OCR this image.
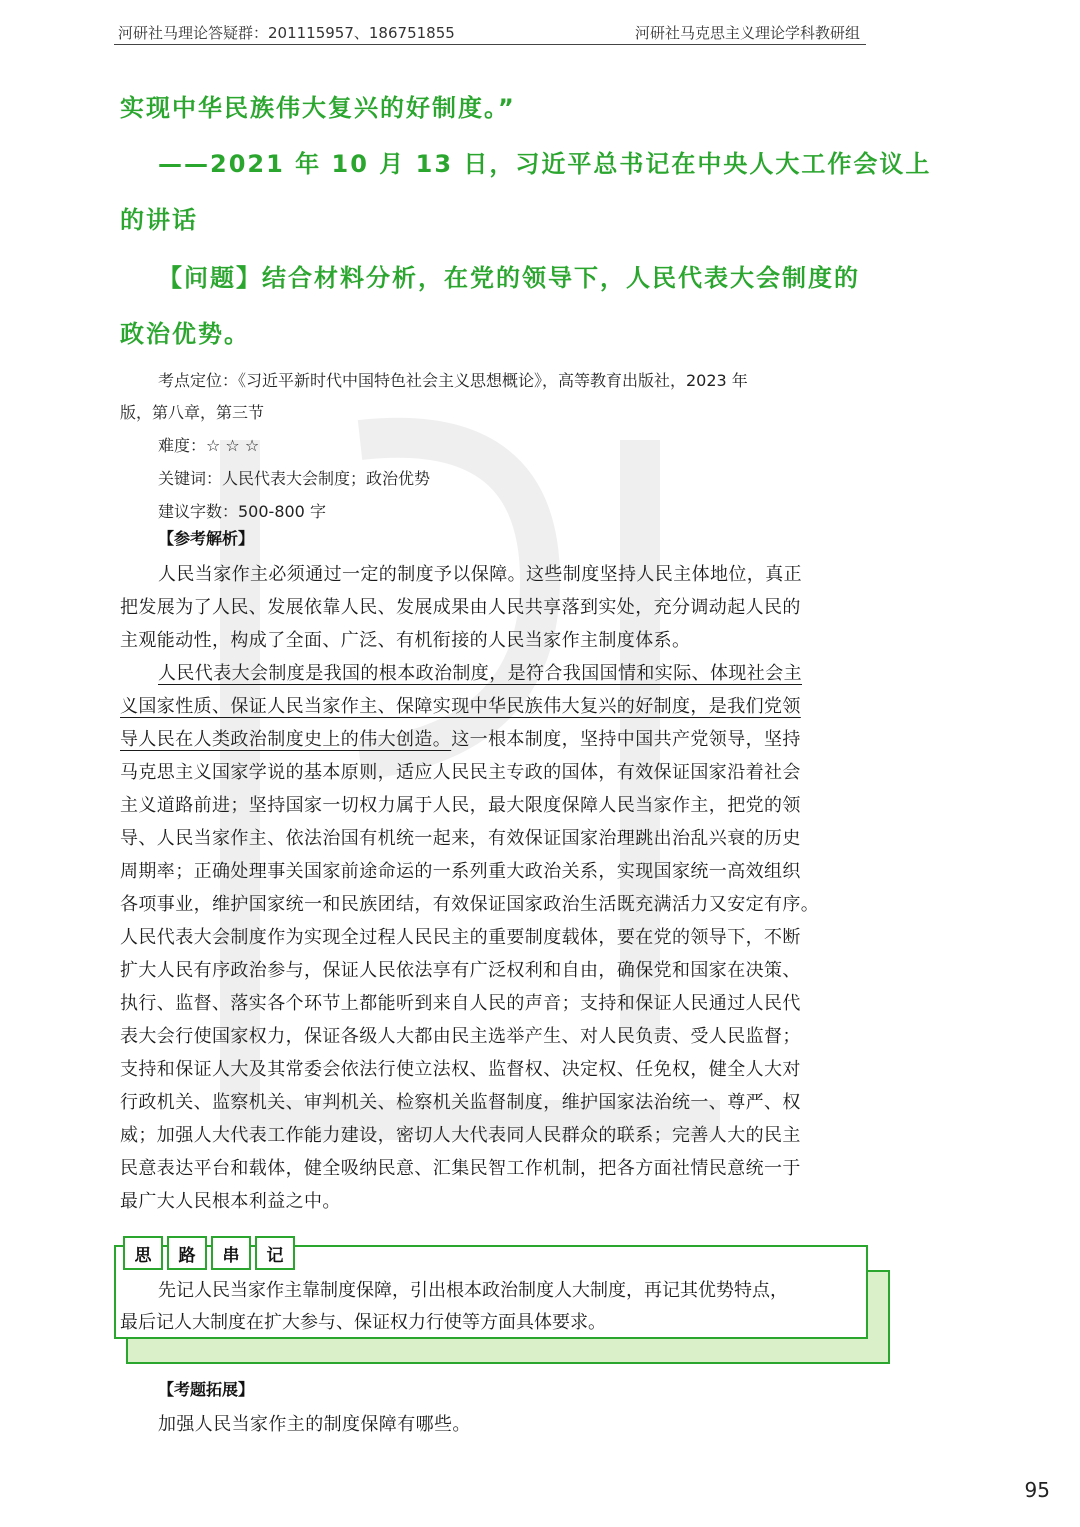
河研社马理论答疑群：201115957、186751855	河研社马克思主义理论学科教研组
实现中华民族伟大复兴的好制度。”
——2021 年 10 月 13 日，习近平总书记在中央人大工作会议上
的讲话
【问题】结合材料分析，在党的领导下，人民代表大会制度的
政治优势。
考点定位：《习近平新时代中国特色社会主义思想概论》，高等教育出版社，2023 年
版，第八章，第三节
难度：☆ ☆ ☆
关键词：人民代表大会制度；政治优势
建议字数：500-800 字
【参考解析】
人民当家作主必须通过一定的制度予以保障。这些制度坚持人民主体地位，真正
把发展为了人民、发展依靠人民、发展成果由人民共享落到实处，充分调动起人民的
主观能动性，构成了全面、广泛、有机衔接的人民当家作主制度体系。
人民代表大会制度是我国的根本政治制度，是符合我国国情和实际、体现社会主
义国家性质、保证人民当家作主、保障实现中华民族伟大复兴的好制度，是我们党领
导人民在人类政治制度史上的伟大创造。这一根本制度，坚持中国共产党领导，坚持
马克思主义国家学说的基本原则，适应人民民主专政的国体，有效保证国家沿着社会
主义道路前进；坚持国家一切权力属于人民，最大限度保障人民当家作主，把党的领
导、人民当家作主、依法治国有机统一起来，有效保证国家治理跳出治乱兴衰的历史
周期率；正确处理事关国家前途命运的一系列重大政治关系，实现国家统一高效组织
各项事业，维护国家统一和民族团结，有效保证国家政治生活既充满活力又安定有序。
人民代表大会制度作为实现全过程人民民主的重要制度载体，要在党的领导下，不断
扩大人民有序政治参与，保证人民依法享有广泛权利和自由，确保党和国家在决策、
执行、监督、落实各个环节上都能听到来自人民的声音；支持和保证人民通过人民代
表大会行使国家权力，保证各级人大都由民主选举产生、对人民负责、受人民监督；
支持和保证人大及其常委会依法行使立法权、监督权、决定权、任免权，健全人大对
行政机关、监察机关、审判机关、检察机关监督制度，维护国家法治统一、尊严、权
威；加强人大代表工作能力建设，密切人大代表同人民群众的联系；完善人大的民主
民意表达平台和载体，健全吸纳民意、汇集民智工作机制，把各方面社情民意统一于
最广大人民根本利益之中。
思	路	串	记
先记人民当家作主靠制度保障，引出根本政治制度人大制度，再记其优势特点，
最后记人大制度在扩大参与、保证权力行使等方面具体要求。
【考题拓展】
加强人民当家作主的制度保障有哪些。
95
